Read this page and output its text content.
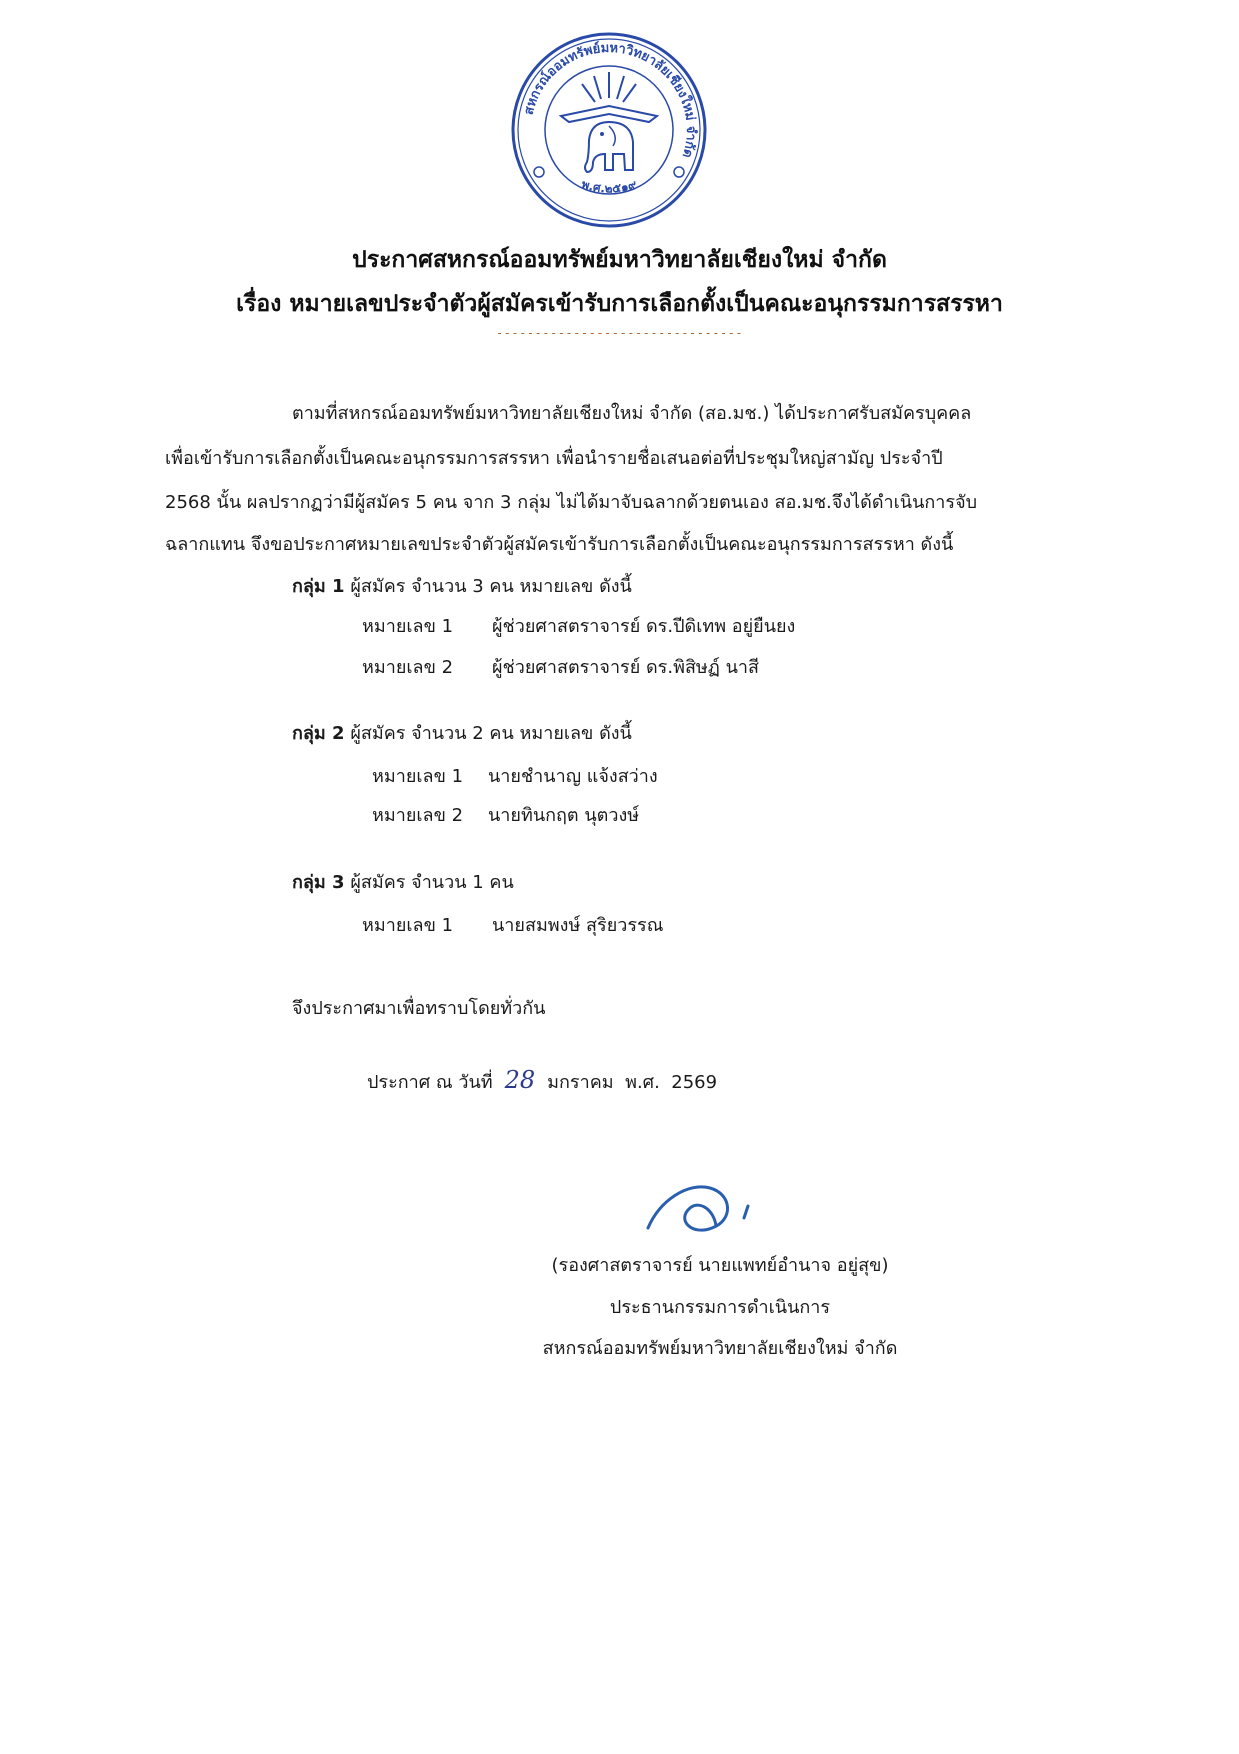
สหกรณ์ออมทรัพย์มหาวิทยาลัยเชียงใหม่ จำกัด
พ.ศ.๒๕๑๙
ประกาศสหกรณ์ออมทรัพย์มหาวิทยาลัยเชียงใหม่ จำกัด
เรื่อง หมายเลขประจำตัวผู้สมัครเข้ารับการเลือกตั้งเป็นคณะอนุกรรมการสรรหา
--------------------------------
ตามที่สหกรณ์ออมทรัพย์มหาวิทยาลัยเชียงใหม่ จำกัด (สอ.มช.) ได้ประกาศรับสมัครบุคคล
เพื่อเข้ารับการเลือกตั้งเป็นคณะอนุกรรมการสรรหา เพื่อนำรายชื่อเสนอต่อที่ประชุมใหญ่สามัญ ประจำปี
2568 นั้น ผลปรากฏว่ามีผู้สมัคร 5 คน จาก 3 กลุ่ม ไม่ได้มาจับฉลากด้วยตนเอง สอ.มช.จึงได้ดำเนินการจับ
ฉลากแทน จึงขอประกาศหมายเลขประจำตัวผู้สมัครเข้ารับการเลือกตั้งเป็นคณะอนุกรรมการสรรหา ดังนี้
กลุ่ม 1 ผู้สมัคร จำนวน 3 คน หมายเลข ดังนี้
หมายเลข 1 ผู้ช่วยศาสตราจารย์ ดร.ปีดิเทพ อยู่ยืนยง
หมายเลข 2 ผู้ช่วยศาสตราจารย์ ดร.พิสิษฏ์ นาสี
กลุ่ม 2 ผู้สมัคร จำนวน 2 คน หมายเลข ดังนี้
หมายเลข 1 นายชำนาญ แจ้งสว่าง
หมายเลข 2 นายทินกฤต นุตวงษ์
กลุ่ม 3 ผู้สมัคร จำนวน 1 คน
หมายเลข 1 นายสมพงษ์ สุริยวรรณ
จึงประกาศมาเพื่อทราบโดยทั่วกัน
ประกาศ ณ วันที่ 28 มกราคม พ.ศ. 2569
(รองศาสตราจารย์ นายแพทย์อำนาจ อยู่สุข)
ประธานกรรมการดำเนินการ
สหกรณ์ออมทรัพย์มหาวิทยาลัยเชียงใหม่ จำกัด
